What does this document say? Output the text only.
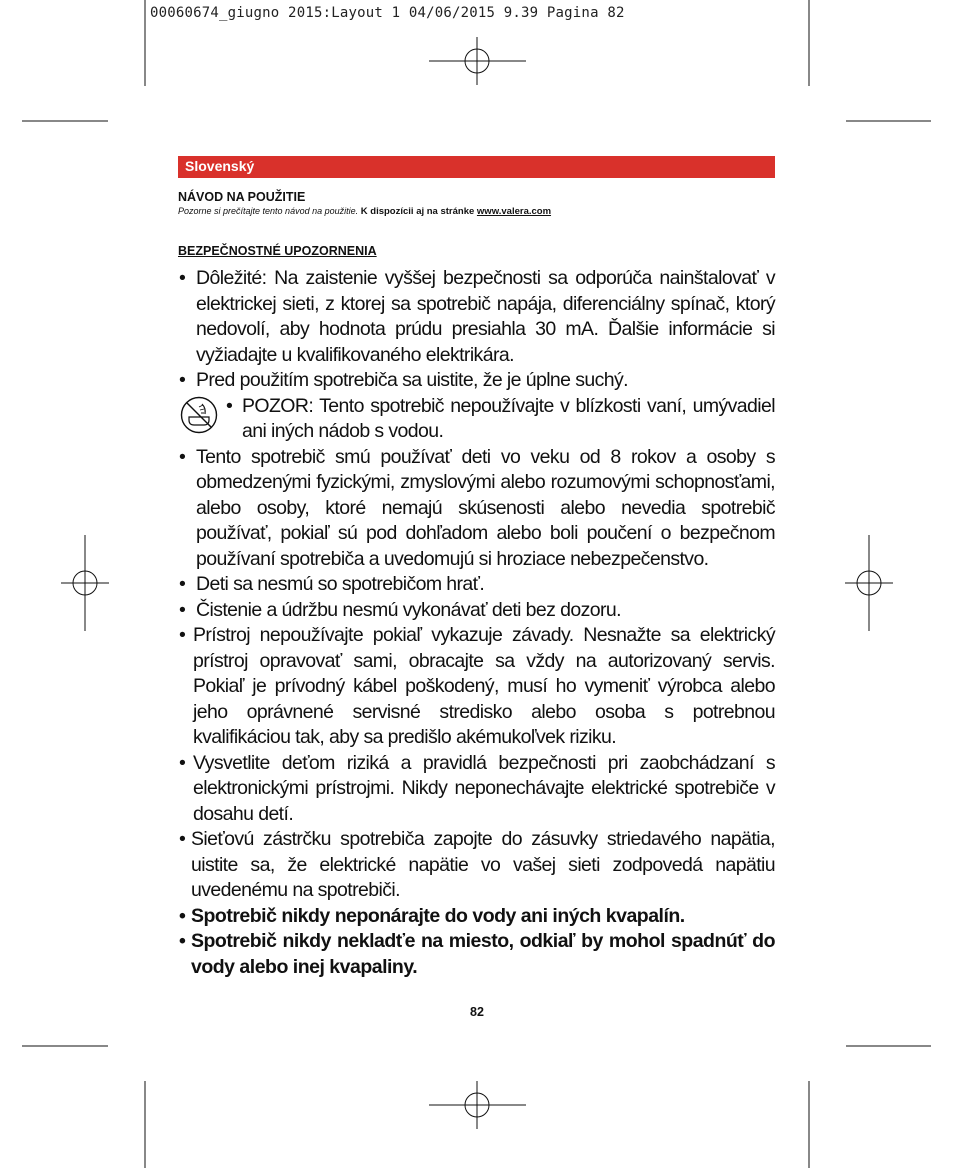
00060674_giugno 2015:Layout 1 04/06/2015 9.39 Pagina 82
Slovenský
NÁVOD NA POUŽITIE
Pozorne si prečítajte tento návod na použitie. K dispozícii aj na stránke www.valera.com
BEZPEČNOSTNÉ UPOZORNENIA
• Dôležité: Na zaistenie vyššej bezpečnosti sa odporúča nainštalovať v elektrickej sieti, z ktorej sa spotrebič napája, diferenciálny spínač, ktorý nedovolí, aby hodnota prúdu presiahla 30 mA. Ďalšie informácie si vyžiadajte u kvalifikovaného elektrikára.
• Pred použitím spotrebiča sa uistite, že je úplne suchý.
• POZOR: Tento spotrebič nepoužívajte v blízkosti vaní, umývadiel ani iných nádob s vodou.
• Tento spotrebič smú používať deti vo veku od 8 rokov a osoby s obmedzenými fyzickými, zmyslovými alebo rozumovými schopnosťami, alebo osoby, ktoré nemajú skúsenosti alebo nevedia spotrebič používať, pokiaľ sú pod dohľadom alebo boli poučení o bezpečnom používaní spotrebiča a uvedomujú si hroziace nebezpečenstvo.
• Deti sa nesmú so spotrebičom hrať.
• Čistenie a údržbu nesmú vykonávať deti bez dozoru.
• Prístroj nepoužívajte pokiaľ vykazuje závady. Nesnažte sa elektrický prístroj opravovať sami, obracajte sa vždy na autorizovaný servis. Pokiaľ je prívodný kábel poškodený, musí ho vymeniť výrobca alebo jeho oprávnené servisné stredisko alebo osoba s potrebnou kvalifikáciou tak, aby sa predišlo akémukoľvek riziku.
• Vysvetlite deťom riziká a pravidlá bezpečnosti pri zaobchádzaní s elektronickými prístrojmi. Nikdy neponechávajte elektrické spotrebiče v dosahu detí.
• Sieťovú zástrčku spotrebiča zapojte do zásuvky striedavého napätia, uistite sa, že elektrické napätie vo vašej sieti zodpovedá napätiu uvedenému na spotrebiči.
• Spotrebič nikdy neponárajte do vody ani iných kvapalín.
• Spotrebič nikdy nekladťe na miesto, odkiaľ by mohol spadnúť do vody alebo inej kvapaliny.
82
